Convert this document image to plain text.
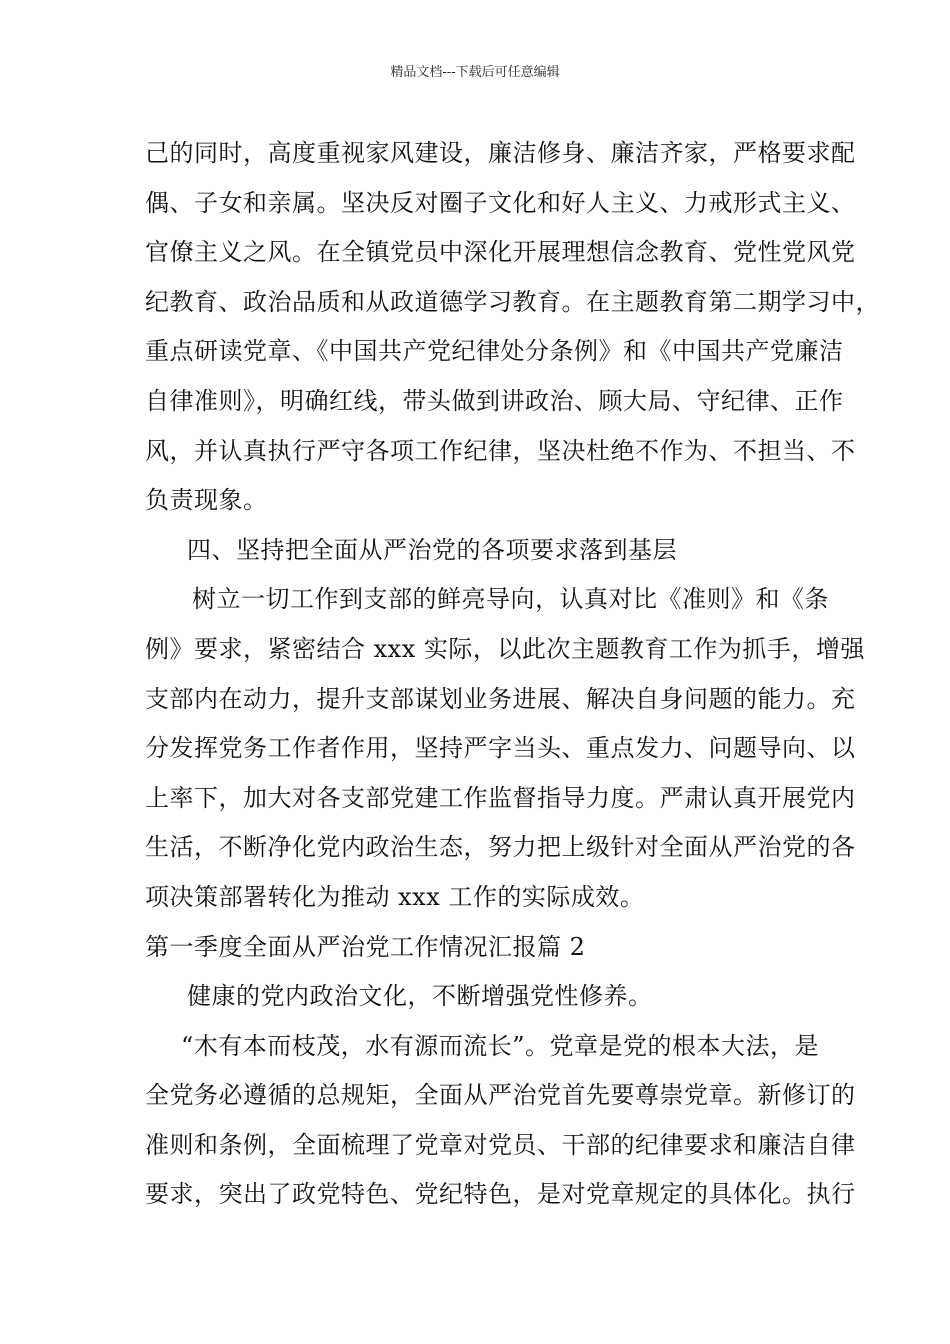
精品文档---下载后可任意编辑
己的同时，高度重视家风建设，廉洁修身、廉洁齐家，严格要求配
偶、子女和亲属。坚决反对圈子文化和好人主义、力戒形式主义、
官僚主义之风。在全镇党员中深化开展理想信念教育、党性党风党
纪教育、政治品质和从政道德学习教育。在主题教育第二期学习中，
重点研读党章、《中国共产党纪律处分条例》和《中国共产党廉洁
自律准则》，明确红线，带头做到讲政治、顾大局、守纪律、正作
风，并认真执行严守各项工作纪律，坚决杜绝不作为、不担当、不
负责现象。
四、坚持把全面从严治党的各项要求落到基层
树立一切工作到支部的鲜亮导向，认真对比《准则》和《条
例》要求，紧密结合 xxx 实际，以此次主题教育工作为抓手，增强
支部内在动力，提升支部谋划业务进展、解决自身问题的能力。充
分发挥党务工作者作用，坚持严字当头、重点发力、问题导向、以
上率下，加大对各支部党建工作监督指导力度。严肃认真开展党内
生活，不断净化党内政治生态，努力把上级针对全面从严治党的各
项决策部署转化为推动 xxx 工作的实际成效。
第一季度全面从严治党工作情况汇报篇 2
健康的党内政治文化，不断增强党性修养。
“木有本而枝茂，水有源而流长”。党章是党的根本大法，是
全党务必遵循的总规矩，全面从严治党首先要尊崇党章。新修订的
准则和条例，全面梳理了党章对党员、干部的纪律要求和廉洁自律
要求，突出了政党特色、党纪特色，是对党章规定的具体化。执行
